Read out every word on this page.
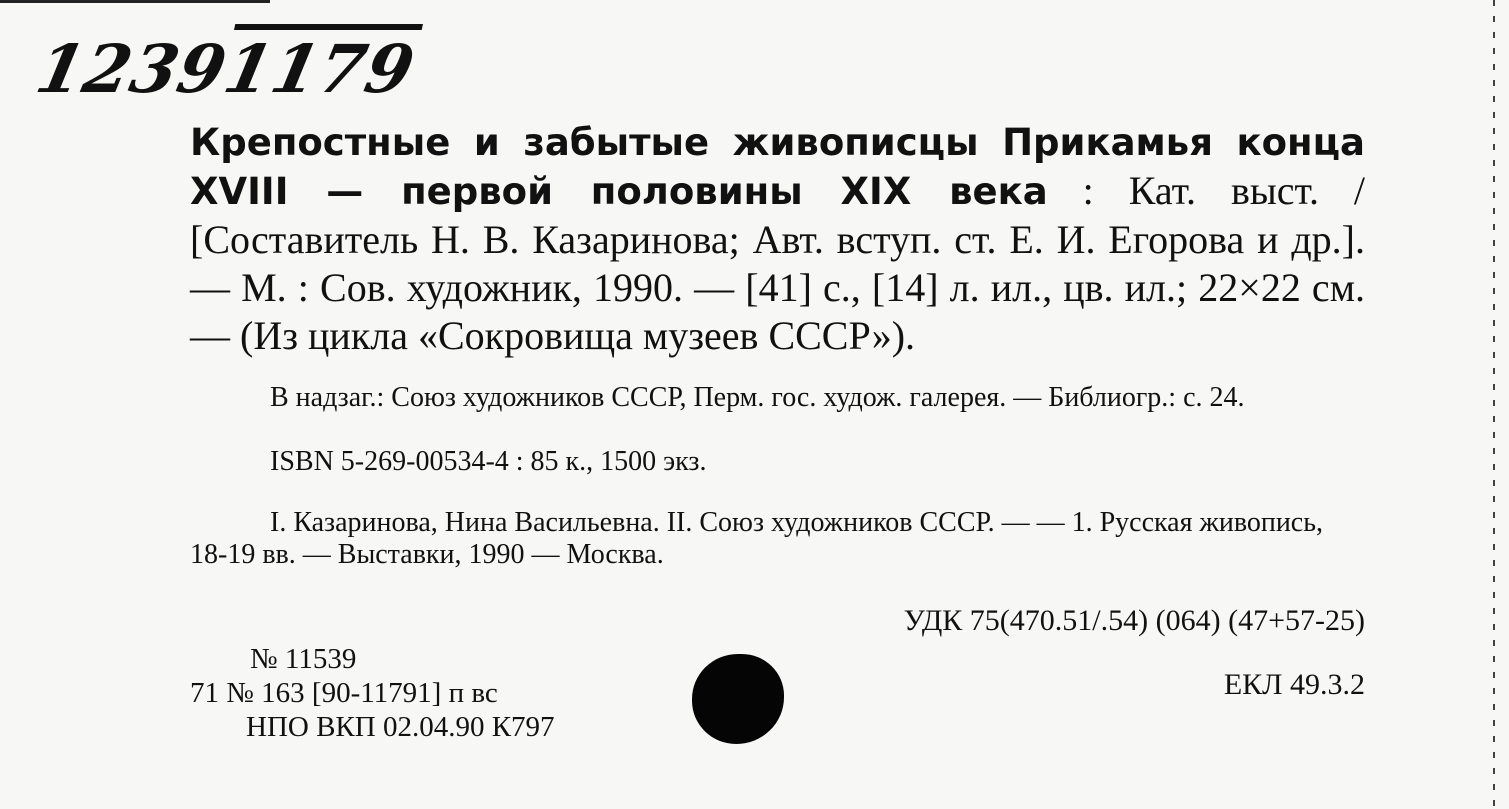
12391179
Крепостные и забытые живописцы Прикамья конца XVIII — первой половины XIX века : Кат. выст. / [Составитель Н. В. Казаринова; Авт. вступ. ст. Е. И. Егорова и др.]. — М. : Сов. художник, 1990. — [41] с., [14] л. ил., цв. ил.; 22×22 см. — (Из цикла «Сокровища музеев СССР»).
В надзаг.: Союз художников СССР, Перм. гос. худож. галерея. — Библиогр.: с. 24.
ISBN 5-269-00534-4 : 85 к., 1500 экз.
I. Казаринова, Нина Васильевна. II. Союз художников СССР. — — 1. Русская живопись, 18-19 вв. — Выставки, 1990 — Москва.
УДК 75(470.51/.54) (064) (47+57-25)
ЕКЛ 49.3.2
№ 11539
71 № 163 [90-11791] п вс
НПО ВКП 02.04.90 К797
